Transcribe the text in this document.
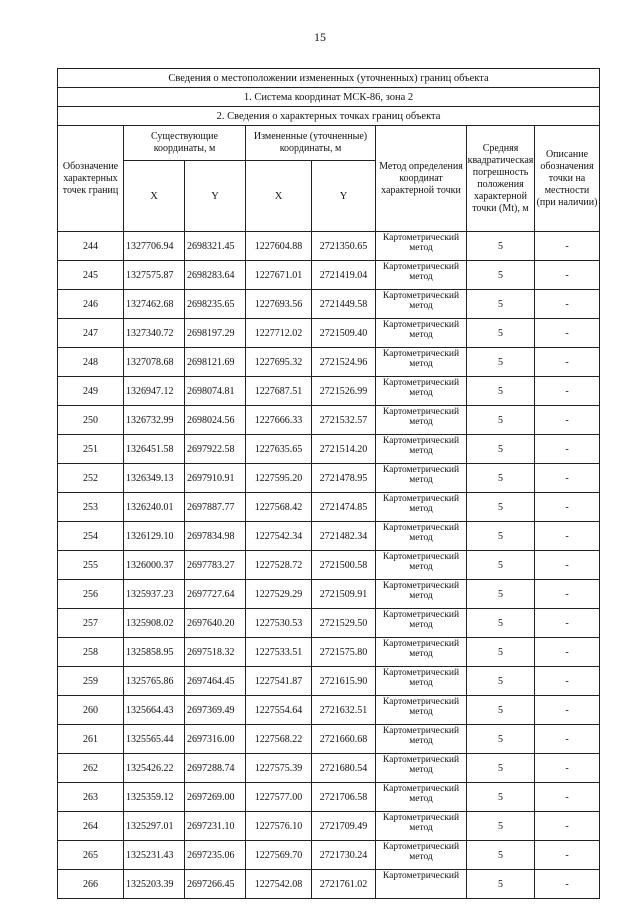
15
Сведения о местоположении измененных (уточненных) границ объекта							
1. Система координат МСК-86, зона 2							
2. Сведения о характерных точках границ объекта							
Обозначение характерных точек границ	Существующие координаты, м		Измененные (уточненные) координаты, м		Метод определения координат характерной точки	Средняя квадратическая погрешность положения характерной точки (Mt), м	Описание обозначения точки на местности (при наличии)
	X	Y	X	Y			
244	1327706.94	2698321.45	1227604.88	2721350.65	Картометрический метод	5	-
245	1327575.87	2698283.64	1227671.01	2721419.04	Картометрический метод	5	-
246	1327462.68	2698235.65	1227693.56	2721449.58	Картометрический метод	5	-
247	1327340.72	2698197.29	1227712.02	2721509.40	Картометрический метод	5	-
248	1327078.68	2698121.69	1227695.32	2721524.96	Картометрический метод	5	-
249	1326947.12	2698074.81	1227687.51	2721526.99	Картометрический метод	5	-
250	1326732.99	2698024.56	1227666.33	2721532.57	Картометрический метод	5	-
251	1326451.58	2697922.58	1227635.65	2721514.20	Картометрический метод	5	-
252	1326349.13	2697910.91	1227595.20	2721478.95	Картометрический метод	5	-
253	1326240.01	2697887.77	1227568.42	2721474.85	Картометрический метод	5	-
254	1326129.10	2697834.98	1227542.34	2721482.34	Картометрический метод	5	-
255	1326000.37	2697783.27	1227528.72	2721500.58	Картометрический метод	5	-
256	1325937.23	2697727.64	1227529.29	2721509.91	Картометрический метод	5	-
257	1325908.02	2697640.20	1227530.53	2721529.50	Картометрический метод	5	-
258	1325858.95	2697518.32	1227533.51	2721575.80	Картометрический метод	5	-
259	1325765.86	2697464.45	1227541.87	2721615.90	Картометрический метод	5	-
260	1325664.43	2697369.49	1227554.64	2721632.51	Картометрический метод	5	-
261	1325565.44	2697316.00	1227568.22	2721660.68	Картометрический метод	5	-
262	1325426.22	2697288.74	1227575.39	2721680.54	Картометрический метод	5	-
263	1325359.12	2697269.00	1227577.00	2721706.58	Картометрический метод	5	-
264	1325297.01	2697231.10	1227576.10	2721709.49	Картометрический метод	5	-
265	1325231.43	2697235.06	1227569.70	2721730.24	Картометрический метод	5	-
266	1325203.39	2697266.45	1227542.08	2721761.02	Картометрический	5	-
